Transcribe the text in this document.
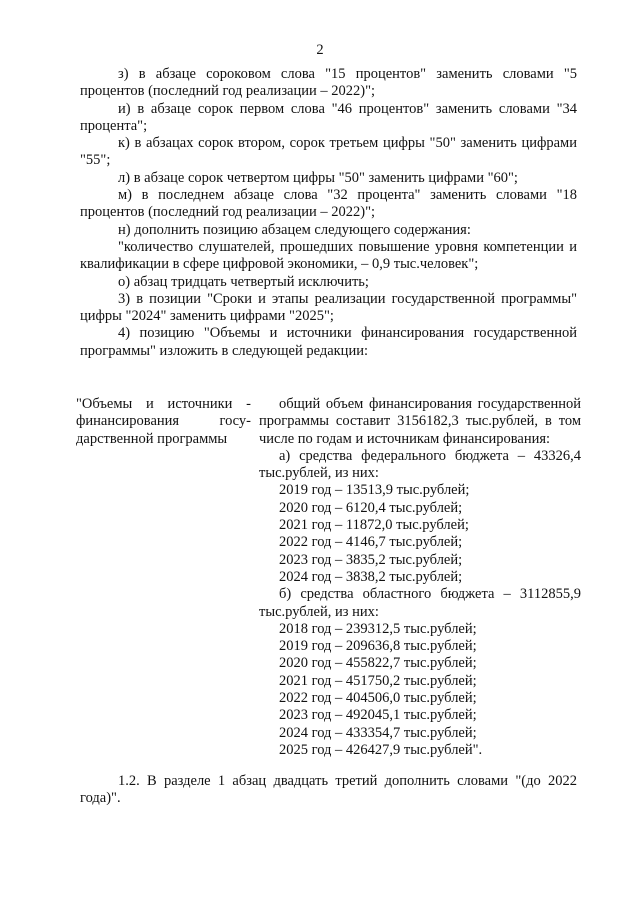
2

з) в абзаце сороковом слова "15 процентов" заменить словами "5 процентов (последний год реализации – 2022)";

и) в абзаце сорок первом слова "46 процентов" заменить словами "34 процента";

к) в абзацах сорок втором, сорок третьем цифры "50" заменить цифрами "55";

л) в абзаце сорок четвертом цифры "50" заменить цифрами "60";

м) в последнем абзаце слова "32 процента" заменить словами "18 процентов (последний год реализации – 2022)";

н) дополнить позицию абзацем следующего содержания:

"количество слушателей, прошедших повышение уровня компетенции и квалификации в сфере цифровой экономики, – 0,9 тыс.человек";

о) абзац тридцать четвертый исключить;

3) в позиции "Сроки и этапы реализации государственной программы" цифры "2024" заменить цифрами "2025";

4) позицию "Объемы и источники финансирования государственной программы" изложить в следующей редакции:

"Объемы и источники - финансирования госу-дарственной программы

общий объем финансирования государственной программы составит 3156182,3 тыс.рублей, в том числе по годам и источникам финансирования:

а) средства федерального бюджета – 43326,4 тыс.рублей, из них:

2019 год – 13513,9 тыс.рублей;

2020 год – 6120,4 тыс.рублей;

2021 год – 11872,0 тыс.рублей;

2022 год – 4146,7 тыс.рублей;

2023 год – 3835,2 тыс.рублей;

2024 год – 3838,2 тыс.рублей;

б) средства областного бюджета – 3112855,9 тыс.рублей, из них:

2018 год – 239312,5 тыс.рублей;

2019 год – 209636,8 тыс.рублей;

2020 год – 455822,7 тыс.рублей;

2021 год – 451750,2 тыс.рублей;

2022 год – 404506,0 тыс.рублей;

2023 год – 492045,1 тыс.рублей;

2024 год – 433354,7 тыс.рублей;

2025 год – 426427,9 тыс.рублей".

1.2. В разделе 1 абзац двадцать третий дополнить словами "(до 2022 года)".
